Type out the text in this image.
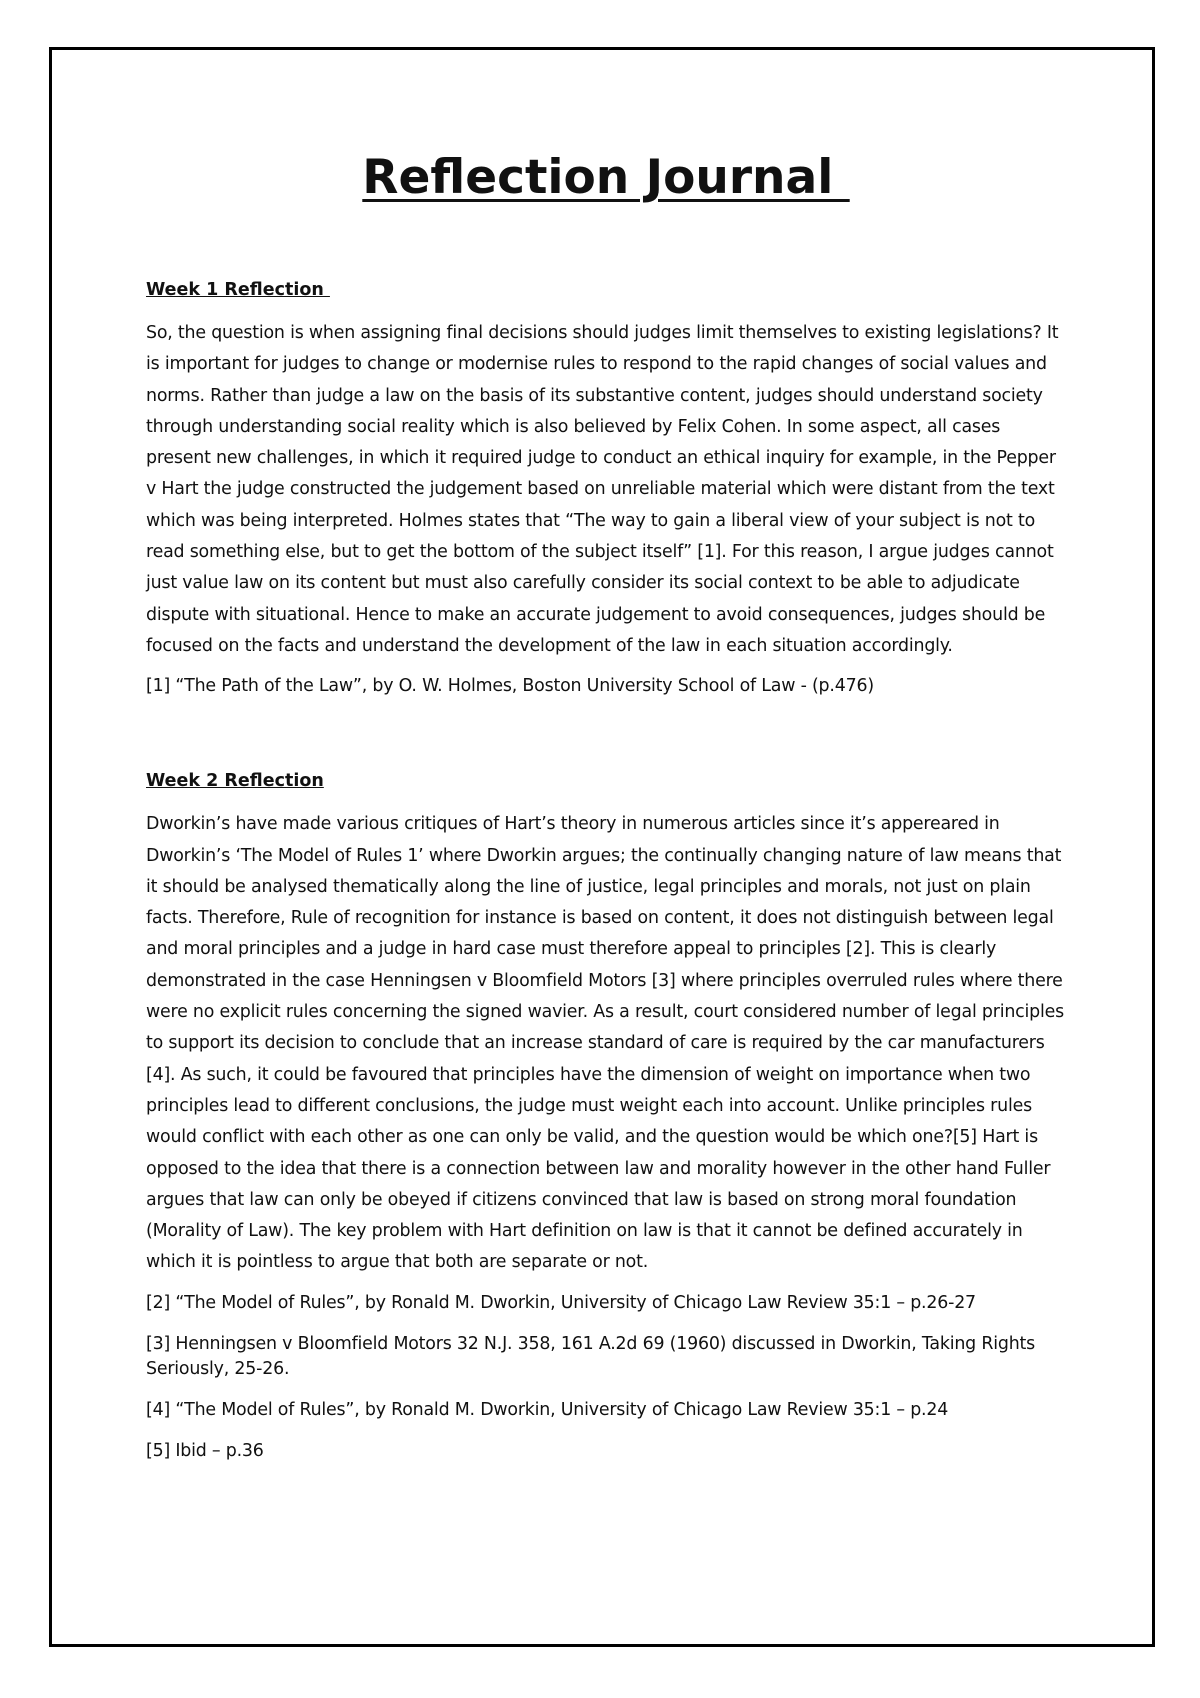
Reflection Journal
Week 1 Reflection

So, the question is when assigning final decisions should judges limit themselves to existing legislations? It is important for judges to change or modernise rules to respond to the rapid changes of social values and norms. Rather than judge a law on the basis of its substantive content, judges should understand society through understanding social reality which is also believed by Felix Cohen. In some aspect, all cases present new challenges, in which it required judge to conduct an ethical inquiry for example, in the Pepper v Hart the judge constructed the judgement based on unreliable material which were distant from the text which was being interpreted. Holmes states that “The way to gain a liberal view of your subject is not to read something else, but to get the bottom of the subject itself” [1]. For this reason, I argue judges cannot just value law on its content but must also carefully consider its social context to be able to adjudicate dispute with situational. Hence to make an accurate judgement to avoid consequences, judges should be focused on the facts and understand the development of the law in each situation accordingly.

[1] “The Path of the Law”, by O. W. Holmes, Boston University School of Law - (p.476)

Week 2 Reflection

Dworkin’s have made various critiques of Hart’s theory in numerous articles since it’s appereared in Dworkin’s ‘The Model of Rules 1’ where Dworkin argues; the continually changing nature of law means that it should be analysed thematically along the line of justice, legal principles and morals, not just on plain facts. Therefore, Rule of recognition for instance is based on content, it does not distinguish between legal and moral principles and a judge in hard case must therefore appeal to principles [2]. This is clearly demonstrated in the case Henningsen v Bloomfield Motors [3] where principles overruled rules where there were no explicit rules concerning the signed wavier. As a result, court considered number of legal principles to support its decision to conclude that an increase standard of care is required by the car manufacturers [4]. As such, it could be favoured that principles have the dimension of weight on importance when two principles lead to different conclusions, the judge must weight each into account. Unlike principles rules would conflict with each other as one can only be valid, and the question would be which one?[5] Hart is opposed to the idea that there is a connection between law and morality however in the other hand Fuller argues that law can only be obeyed if citizens convinced that law is based on strong moral foundation (Morality of Law). The key problem with Hart definition on law is that it cannot be defined accurately in which it is pointless to argue that both are separate or not.

[2] “The Model of Rules”, by Ronald M. Dworkin, University of Chicago Law Review 35:1 – p.26-27

[3] Henningsen v Bloomfield Motors 32 N.J. 358, 161 A.2d 69 (1960) discussed in Dworkin, Taking Rights Seriously, 25-26.

[4] “The Model of Rules”, by Ronald M. Dworkin, University of Chicago Law Review 35:1 – p.24

[5] Ibid – p.36
